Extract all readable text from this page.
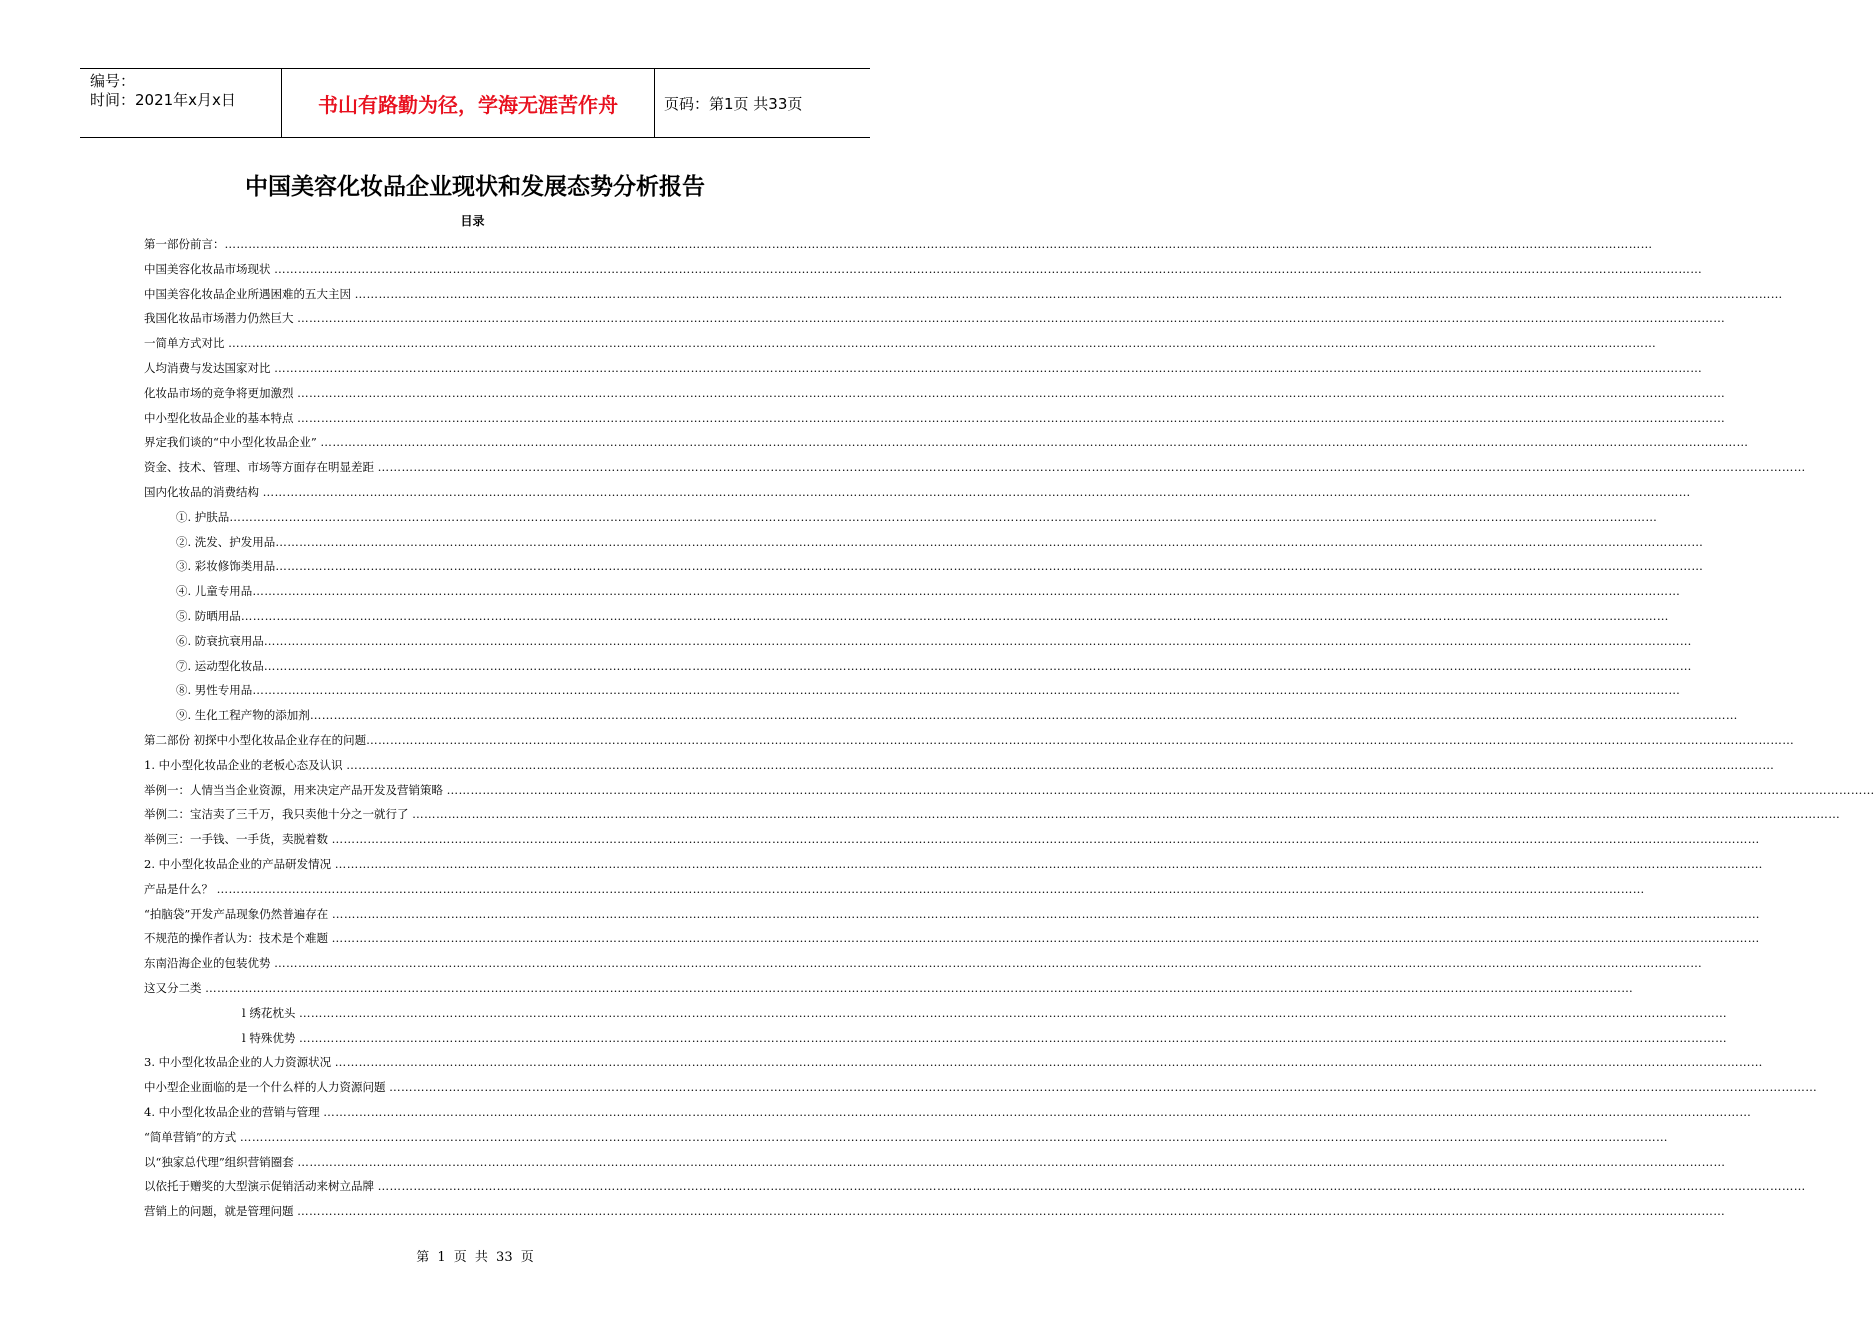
编号：
时间：2021年x月x日	书山有路勤为径，学海无涯苦作舟	页码：第1页 共33页
中国美容化妆品企业现状和发展态势分析报告
目录
第一部份前言：………………………………………………………………………………………………………………………………………………………………………………………………………………………………………………………………………………………………………………………………
中国美容化妆品市场现状 ………………………………………………………………………………………………………………………………………………………………………………………………………………………………………………………………………………………………………………………………
中国美容化妆品企业所遇困难的五大主因 ………………………………………………………………………………………………………………………………………………………………………………………………………………………………………………………………………………………………………………………………
我国化妆品市场潜力仍然巨大 ………………………………………………………………………………………………………………………………………………………………………………………………………………………………………………………………………………………………………………………………
一简单方式对比 ………………………………………………………………………………………………………………………………………………………………………………………………………………………………………………………………………………………………………………………………
人均消费与发达国家对比 ………………………………………………………………………………………………………………………………………………………………………………………………………………………………………………………………………………………………………………………………
化妆品市场的竞争将更加激烈 ………………………………………………………………………………………………………………………………………………………………………………………………………………………………………………………………………………………………………………………………
中小型化妆品企业的基本特点 ………………………………………………………………………………………………………………………………………………………………………………………………………………………………………………………………………………………………………………………………
界定我们谈的“中小型化妆品企业” ………………………………………………………………………………………………………………………………………………………………………………………………………………………………………………………………………………………………………………………………
资金、技术、管理、市场等方面存在明显差距 ………………………………………………………………………………………………………………………………………………………………………………………………………………………………………………………………………………………………………………………………
国内化妆品的消费结构 ………………………………………………………………………………………………………………………………………………………………………………………………………………………………………………………………………………………………………………………………
①. 护肤品………………………………………………………………………………………………………………………………………………………………………………………………………………………………………………………………………………………………………………………………
②. 洗发、护发用品………………………………………………………………………………………………………………………………………………………………………………………………………………………………………………………………………………………………………………………………
③. 彩妆修饰类用品………………………………………………………………………………………………………………………………………………………………………………………………………………………………………………………………………………………………………………………………
④. 儿童专用品………………………………………………………………………………………………………………………………………………………………………………………………………………………………………………………………………………………………………………………………
⑤. 防晒用品………………………………………………………………………………………………………………………………………………………………………………………………………………………………………………………………………………………………………………………………
⑥. 防衰抗衰用品………………………………………………………………………………………………………………………………………………………………………………………………………………………………………………………………………………………………………………………………
⑦. 运动型化妆品………………………………………………………………………………………………………………………………………………………………………………………………………………………………………………………………………………………………………………………………
⑧. 男性专用品………………………………………………………………………………………………………………………………………………………………………………………………………………………………………………………………………………………………………………………………
⑨. 生化工程产物的添加剂………………………………………………………………………………………………………………………………………………………………………………………………………………………………………………………………………………………………………………………………
第二部份 初探中小型化妆品企业存在的问题………………………………………………………………………………………………………………………………………………………………………………………………………………………………………………………………………………………………………………………………
1. 中小型化妆品企业的老板心态及认识 ………………………………………………………………………………………………………………………………………………………………………………………………………………………………………………………………………………………………………………………………
举例一：人情当当企业资源，用来决定产品开发及营销策略 ………………………………………………………………………………………………………………………………………………………………………………………………………………………………………………………………………………………………………………………………
举例二：宝洁卖了三千万，我只卖他十分之一就行了 ………………………………………………………………………………………………………………………………………………………………………………………………………………………………………………………………………………………………………………………………
举例三：一手钱、一手货，卖脱着数 ………………………………………………………………………………………………………………………………………………………………………………………………………………………………………………………………………………………………………………………………
2. 中小型化妆品企业的产品研发情况 ………………………………………………………………………………………………………………………………………………………………………………………………………………………………………………………………………………………………………………………………
产品是什么？ ………………………………………………………………………………………………………………………………………………………………………………………………………………………………………………………………………………………………………………………………
“拍脑袋”开发产品现象仍然普遍存在 ………………………………………………………………………………………………………………………………………………………………………………………………………………………………………………………………………………………………………………………………
不规范的操作者认为：技术是个难题 ………………………………………………………………………………………………………………………………………………………………………………………………………………………………………………………………………………………………………………………………
东南沿海企业的包装优势 ………………………………………………………………………………………………………………………………………………………………………………………………………………………………………………………………………………………………………………………………
这又分二类 ………………………………………………………………………………………………………………………………………………………………………………………………………………………………………………………………………………………………………………………………
l 绣花枕头 ………………………………………………………………………………………………………………………………………………………………………………………………………………………………………………………………………………………………………………………………
l 特殊优势 ………………………………………………………………………………………………………………………………………………………………………………………………………………………………………………………………………………………………………………………………
3. 中小型化妆品企业的人力资源状况 ………………………………………………………………………………………………………………………………………………………………………………………………………………………………………………………………………………………………………………………………
中小型企业面临的是一个什么样的人力资源问题 ………………………………………………………………………………………………………………………………………………………………………………………………………………………………………………………………………………………………………………………………
4. 中小型化妆品企业的营销与管理 ………………………………………………………………………………………………………………………………………………………………………………………………………………………………………………………………………………………………………………………………
“简单营销”的方式 ………………………………………………………………………………………………………………………………………………………………………………………………………………………………………………………………………………………………………………………………
以“独家总代理”组织营销圈套 ………………………………………………………………………………………………………………………………………………………………………………………………………………………………………………………………………………………………………………………………
以依托于赠奖的大型演示促销活动来树立品牌 ………………………………………………………………………………………………………………………………………………………………………………………………………………………………………………………………………………………………………………………………
营销上的问题，就是管理问题 ………………………………………………………………………………………………………………………………………………………………………………………………………………………………………………………………………………………………………………………………
第 1 页 共 33 页
